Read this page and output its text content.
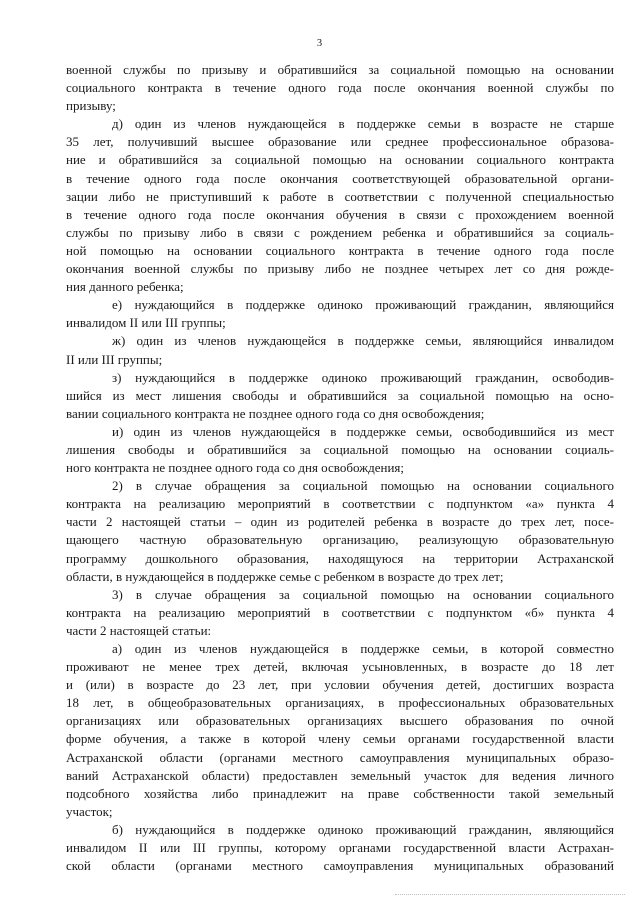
3
военной службы по призыву и обратившийся за социальной помощью на основании
социального контракта в течение одного года после окончания военной службы по
призыву;
д) один из членов нуждающейся в поддержке семьи в возрасте не старше
35 лет, получивший высшее образование или среднее профессиональное образова-
ние и обратившийся за социальной помощью на основании социального контракта
в течение одного года после окончания соответствующей образовательной органи-
зации либо не приступивший к работе в соответствии с полученной специальностью
в течение одного года после окончания обучения в связи с прохождением военной
службы по призыву либо в связи с рождением ребенка и обратившийся за социаль-
ной помощью на основании социального контракта в течение одного года после
окончания военной службы по призыву либо не позднее четырех лет со дня рожде-
ния данного ребенка;
е) нуждающийся в поддержке одиноко проживающий гражданин, являющийся
инвалидом II или III группы;
ж) один из членов нуждающейся в поддержке семьи, являющийся инвалидом
II или III группы;
з) нуждающийся в поддержке одиноко проживающий гражданин, освободив-
шийся из мест лишения свободы и обратившийся за социальной помощью на осно-
вании социального контракта не позднее одного года со дня освобождения;
и) один из членов нуждающейся в поддержке семьи, освободившийся из мест
лишения свободы и обратившийся за социальной помощью на основании социаль-
ного контракта не позднее одного года со дня освобождения;
2) в случае обращения за социальной помощью на основании социального
контракта на реализацию мероприятий в соответствии с подпунктом «а» пункта 4
части 2 настоящей статьи – один из родителей ребенка в возрасте до трех лет, посе-
щающего частную образовательную организацию, реализующую образовательную
программу дошкольного образования, находящуюся на территории Астраханской
области, в нуждающейся в поддержке семье с ребенком в возрасте до трех лет;
3) в случае обращения за социальной помощью на основании социального
контракта на реализацию мероприятий в соответствии с подпунктом «б» пункта 4
части 2 настоящей статьи:
а) один из членов нуждающейся в поддержке семьи, в которой совместно
проживают не менее трех детей, включая усыновленных, в возрасте до 18 лет
и (или) в возрасте до 23 лет, при условии обучения детей, достигших возраста
18 лет, в общеобразовательных организациях, в профессиональных образовательных
организациях или образовательных организациях высшего образования по очной
форме обучения, а также в которой члену семьи органами государственной власти
Астраханской области (органами местного самоуправления муниципальных образо-
ваний Астраханской области) предоставлен земельный участок для ведения личного
подсобного хозяйства либо принадлежит на праве собственности такой земельный
участок;
б) нуждающийся в поддержке одиноко проживающий гражданин, являющийся
инвалидом II или III группы, которому органами государственной власти Астрахан-
ской области (органами местного самоуправления муниципальных образований
